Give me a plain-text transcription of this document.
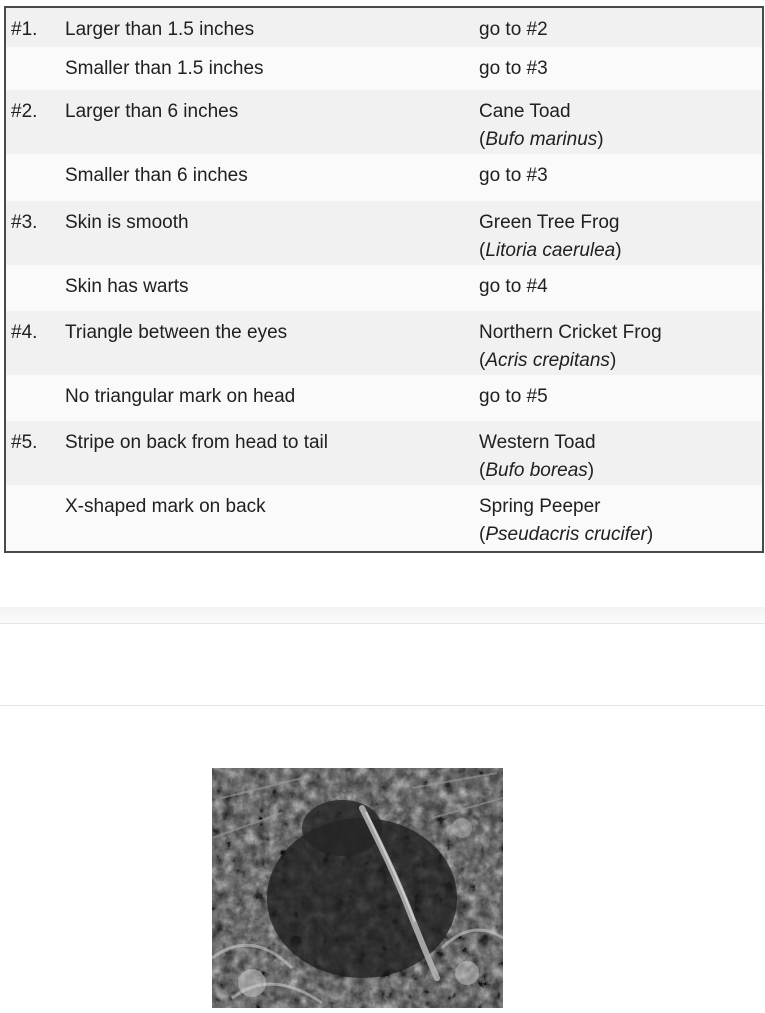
#1. Larger than 1.5 inches	go to #2
Smaller than 1.5 inches	go to #3
#2. Larger than 6 inches	Cane Toad
(Bufo marinus)
Smaller than 6 inches	go to #3
#3. Skin is smooth	Green Tree Frog
(Litoria caerulea)
Skin has warts	go to #4
#4. Triangle between the eyes	Northern Cricket Frog
(Acris crepitans)
No triangular mark on head	go to #5
#5. Stripe on back from head to tail	Western Toad
(Bufo boreas)
X-shaped mark on back	Spring Peeper
(Pseudacris crucifer)
